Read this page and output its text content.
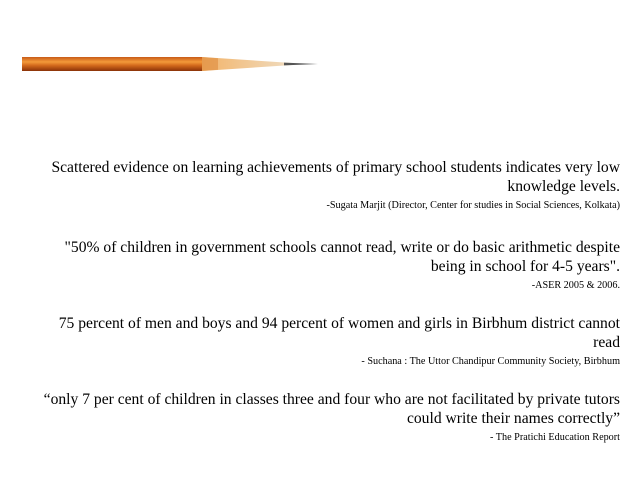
Scattered evidence on learning achievements of primary school students indicates very low knowledge levels.

-Sugata Marjit (Director, Center for studies in Social Sciences, Kolkata)

"50% of children in government schools cannot read, write or do basic arithmetic despite being in school for 4-5 years".

-ASER 2005 & 2006.

75 percent of men and boys and 94 percent of women and girls in Birbhum district cannot read

- Suchana : The Uttor Chandipur Community Society, Birbhum

“only 7 per cent of children in classes three and four who are not facilitated by private tutors could write their names correctly”

- The Pratichi Education Report
